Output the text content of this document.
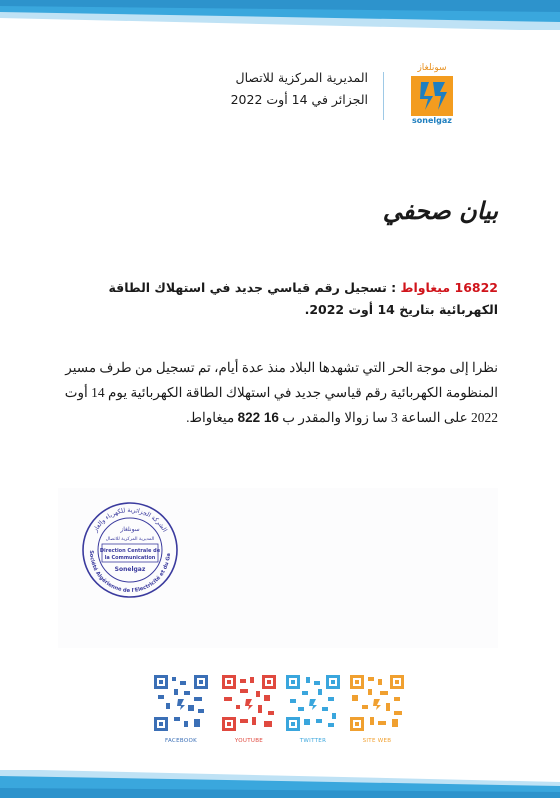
سونلغاز
sonelgaz
المديرية المركزية للاتصال
الجزائر في 14 أوت 2022
بيان صحفي
16822 ميغاواط : تسجيل رقم قياسي جديد في استهلاك الطاقة الكهربائية بتاريخ 14 أوت 2022.
نظرا إلى موجة الحر التي تشهدها البلاد منذ عدة أيام، تم تسجيل من طرف مسير المنظومة الكهربائية رقم قياسي جديد في استهلاك الطاقة الكهربائية يوم 14 أوت 2022 على الساعة 3 سا زوالا والمقدر ب 16 822 ميغاواط.
الشركة الجزائرية للكهرباء والغاز
Société Algérienne de l'Electricité et du Ga
سونلغاز
المديرية المركزية للاتصال
Direction Centrale de
la Communication
Sonelgaz
FACEBOOK	YOUTUBE	TWITTER	SITE WEB
